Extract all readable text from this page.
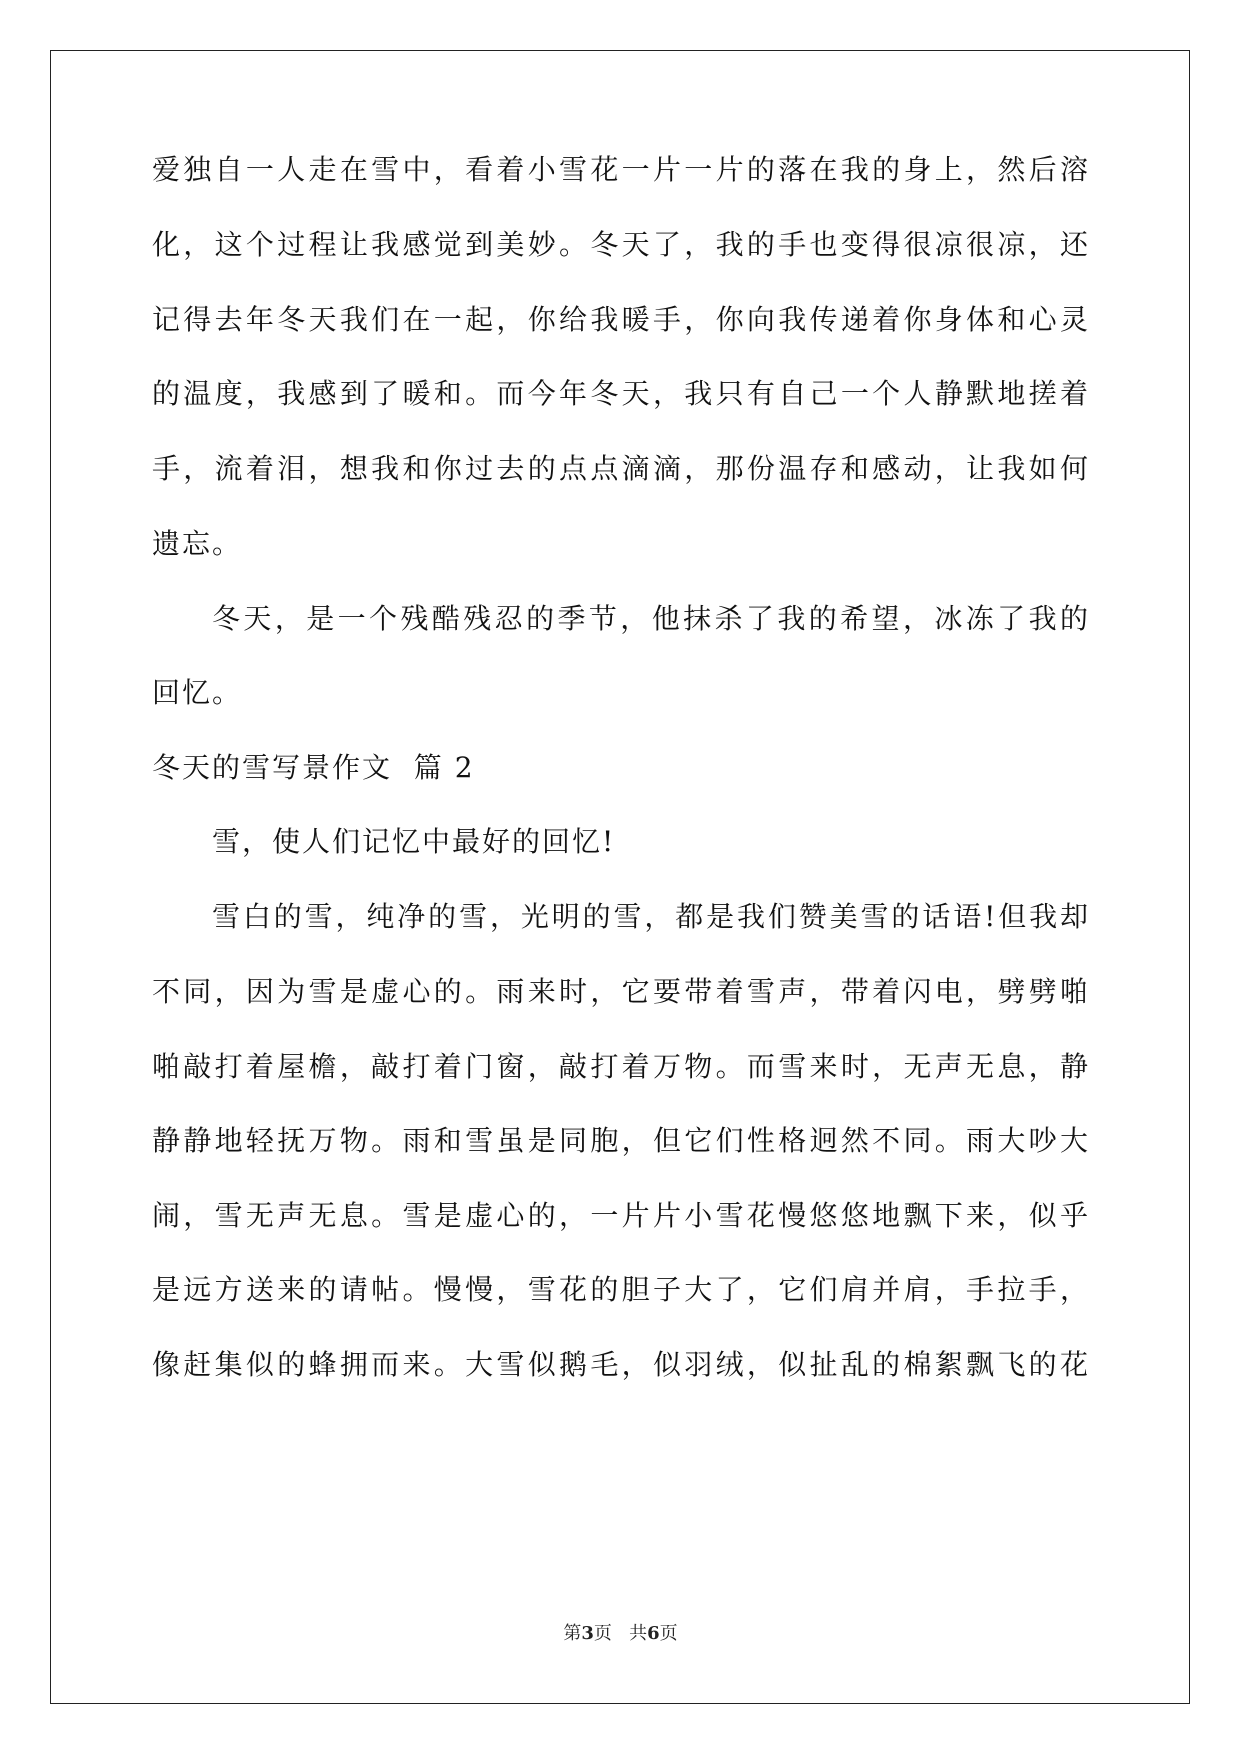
爱独自一人走在雪中，看着小雪花一片一片的落在我的身上，然后溶
化，这个过程让我感觉到美妙。冬天了，我的手也变得很凉很凉，还
记得去年冬天我们在一起，你给我暖手，你向我传递着你身体和心灵
的温度，我感到了暖和。而今年冬天，我只有自己一个人静默地搓着
手，流着泪，想我和你过去的点点滴滴，那份温存和感动，让我如何
遗忘。
冬天，是一个残酷残忍的季节，他抹杀了我的希望，冰冻了我的
回忆。
冬天的雪写景作文  篇 2
雪，使人们记忆中最好的回忆!
雪白的雪，纯净的雪，光明的雪，都是我们赞美雪的话语!但我却
不同，因为雪是虚心的。雨来时，它要带着雪声，带着闪电，劈劈啪
啪敲打着屋檐，敲打着门窗，敲打着万物。而雪来时，无声无息，静
静静地轻抚万物。雨和雪虽是同胞，但它们性格迥然不同。雨大吵大
闹，雪无声无息。雪是虚心的，一片片小雪花慢悠悠地飘下来，似乎
是远方送来的请帖。慢慢，雪花的胆子大了，它们肩并肩，手拉手，
像赶集似的蜂拥而来。大雪似鹅毛，似羽绒，似扯乱的棉絮飘飞的花
第3页 共6页
